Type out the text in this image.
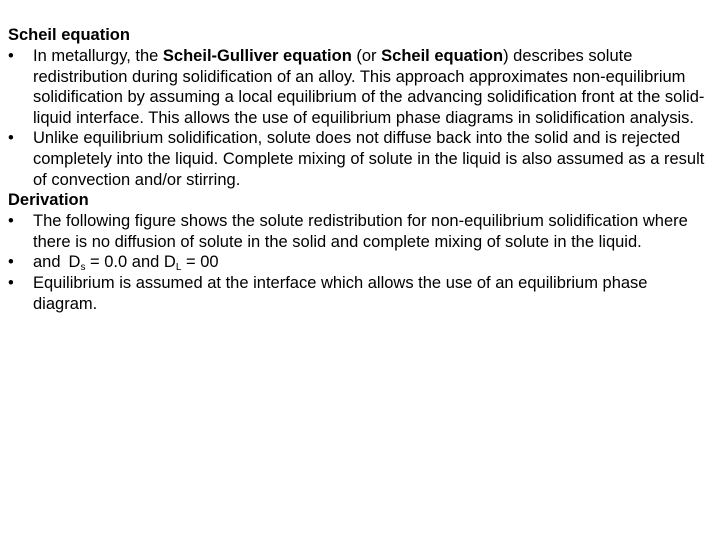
Scheil equation

•	In metallurgy, the Scheil-Gulliver equation (or Scheil equation) describes solute redistribution during solidification of an alloy. This approach approximates non-equilibrium solidification by assuming a local equilibrium of the advancing solidification front at the solid-liquid interface. This allows the use of equilibrium phase diagrams in solidification analysis.
•	Unlike equilibrium solidification, solute does not diffuse back into the solid and is rejected completely into the liquid. Complete mixing of solute in the liquid is also assumed as a result of convection and/or stirring.

Derivation

•	The following figure shows the solute redistribution for non-equilibrium solidification where there is no diffusion of solute in the solid and complete mixing of solute in the liquid.
•	and $D_s = 0.0$ and $D_L = 00$
•	Equilibrium is assumed at the interface which allows the use of an equilibrium phase diagram.
